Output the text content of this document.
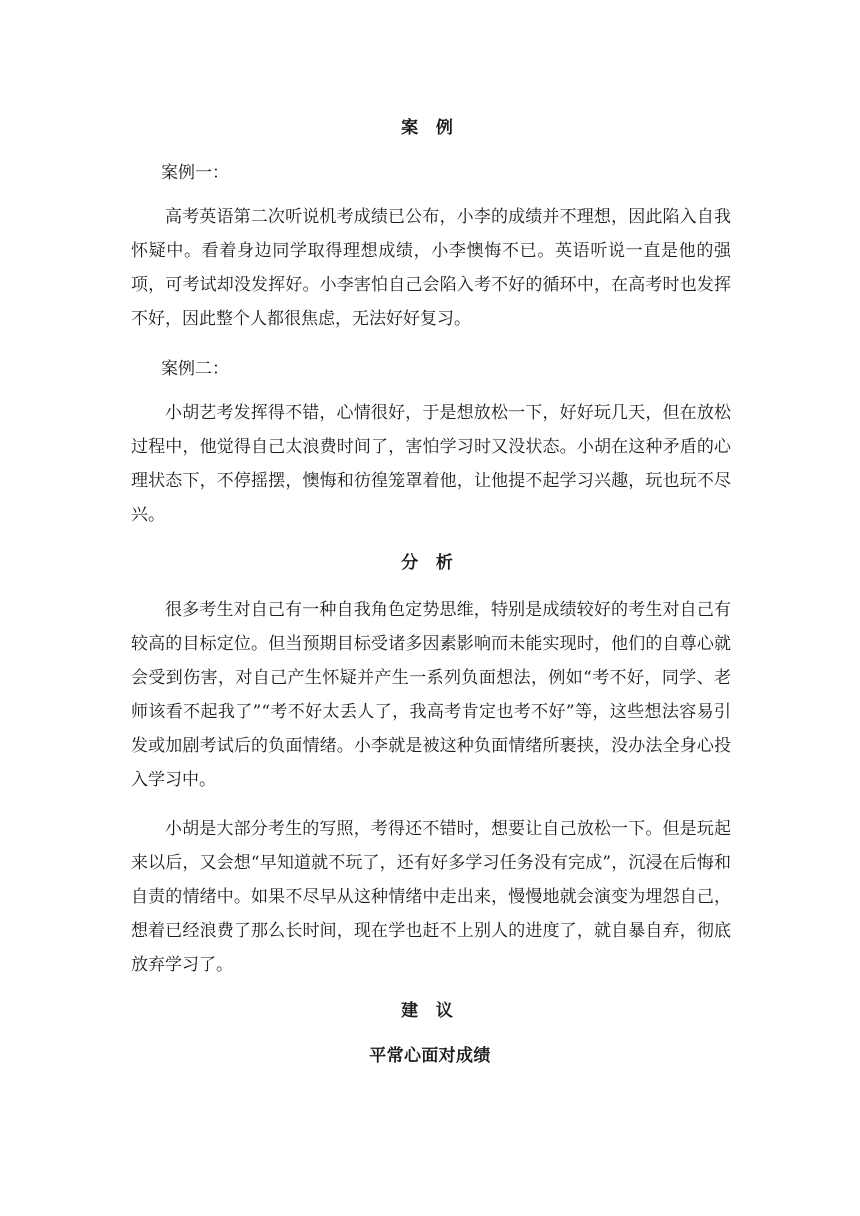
案 例
案例一：

高考英语第二次听说机考成绩已公布，小李的成绩并不理想，因此陷入自我怀疑中。看着身边同学取得理想成绩，小李懊悔不已。英语听说一直是他的强项，可考试却没发挥好。小李害怕自己会陷入考不好的循环中，在高考时也发挥不好，因此整个人都很焦虑，无法好好复习。

案例二：

小胡艺考发挥得不错，心情很好，于是想放松一下，好好玩几天，但在放松过程中，他觉得自己太浪费时间了，害怕学习时又没状态。小胡在这种矛盾的心理状态下，不停摇摆，懊悔和彷徨笼罩着他，让他提不起学习兴趣，玩也玩不尽兴。

分 析

很多考生对自己有一种自我角色定势思维，特别是成绩较好的考生对自己有较高的目标定位。但当预期目标受诸多因素影响而未能实现时，他们的自尊心就会受到伤害，对自己产生怀疑并产生一系列负面想法，例如“考不好，同学、老师该看不起我了”“考不好太丢人了，我高考肯定也考不好”等，这些想法容易引发或加剧考试后的负面情绪。小李就是被这种负面情绪所裹挟，没办法全身心投入学习中。

小胡是大部分考生的写照，考得还不错时，想要让自己放松一下。但是玩起来以后，又会想“早知道就不玩了，还有好多学习任务没有完成”，沉浸在后悔和自责的情绪中。如果不尽早从这种情绪中走出来，慢慢地就会演变为埋怨自己，想着已经浪费了那么长时间，现在学也赶不上别人的进度了，就自暴自弃，彻底放弃学习了。

建 议
平常心面对成绩
